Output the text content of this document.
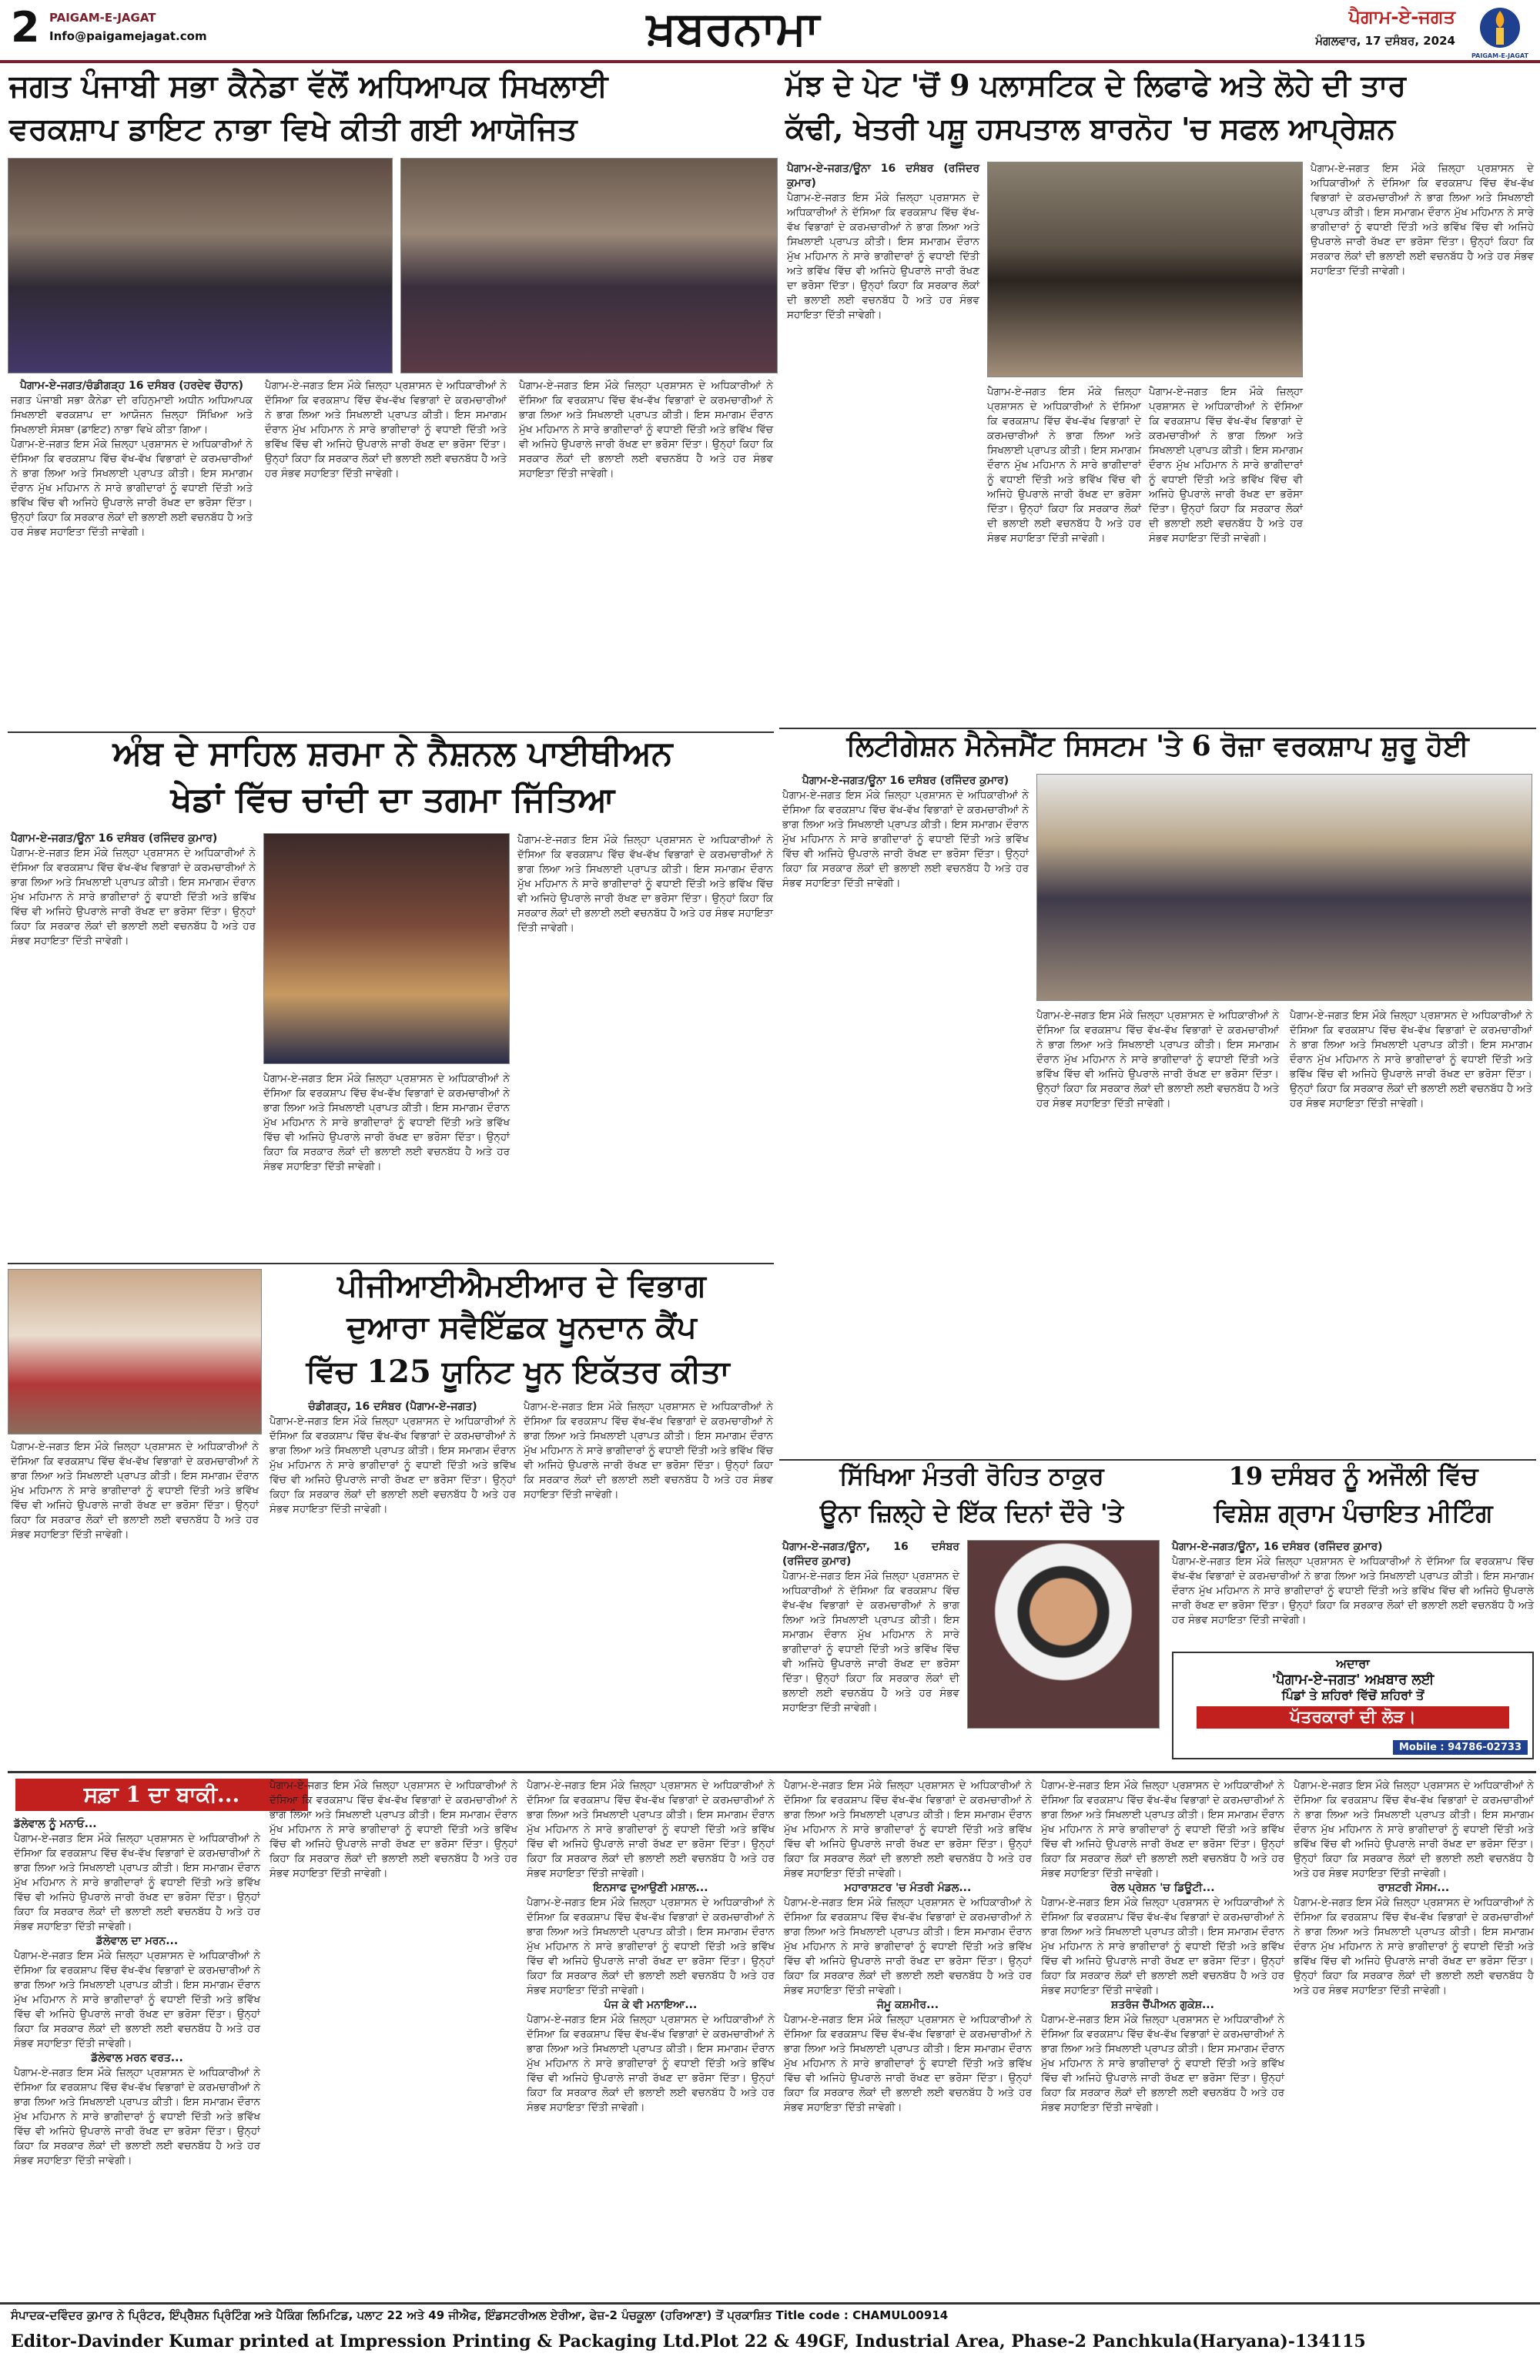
2 PAIGAM-E-JAGAT
Info@paigamejagat.com	ਖ਼ਬਰਨਾਮਾ	ਪੈਗਾਮ-ਏ-ਜਗਤ
ਮੰਗਲਵਾਰ, 17 ਦਸੰਬਰ, 2024
PAIGAM-E-JAGAT
ਜਗਤ ਪੰਜਾਬੀ ਸਭਾ ਕੈਨੇਡਾ ਵੱਲੋਂ ਅਧਿਆਪਕ ਸਿਖਲਾਈ
ਵਰਕਸ਼ਾਪ ਡਾਇਟ ਨਾਭਾ ਵਿਖੇ ਕੀਤੀ ਗਈ ਆਯੋਜਿਤ
ਪੈਗਾਮ-ਏ-ਜਗਤ/ਚੰਡੀਗੜ੍ਹ 16 ਦਸੰਬਰ (ਹਰਦੇਵ ਚੌਹਾਨ)

ਜਗਤ ਪੰਜਾਬੀ ਸਭਾ ਕੈਨੇਡਾ ਦੀ ਰਹਿਨੁਮਾਈ ਅਧੀਨ ਅਧਿਆਪਕ ਸਿਖਲਾਈ ਵਰਕਸ਼ਾਪ ਦਾ ਆਯੋਜਨ ਜ਼ਿਲ੍ਹਾ ਸਿੱਖਿਆ ਅਤੇ ਸਿਖਲਾਈ ਸੰਸਥਾ (ਡਾਇਟ) ਨਾਭਾ ਵਿਖੇ ਕੀਤਾ ਗਿਆ।

ਪੈਗਾਮ-ਏ-ਜਗਤ ਇਸ ਮੌਕੇ ਜ਼ਿਲ੍ਹਾ ਪ੍ਰਸ਼ਾਸਨ ਦੇ ਅਧਿਕਾਰੀਆਂ ਨੇ ਦੱਸਿਆ ਕਿ ਵਰਕਸ਼ਾਪ ਵਿੱਚ ਵੱਖ-ਵੱਖ ਵਿਭਾਗਾਂ ਦੇ ਕਰਮਚਾਰੀਆਂ ਨੇ ਭਾਗ ਲਿਆ ਅਤੇ ਸਿਖਲਾਈ ਪ੍ਰਾਪਤ ਕੀਤੀ। ਇਸ ਸਮਾਗਮ ਦੌਰਾਨ ਮੁੱਖ ਮਹਿਮਾਨ ਨੇ ਸਾਰੇ ਭਾਗੀਦਾਰਾਂ ਨੂੰ ਵਧਾਈ ਦਿੱਤੀ ਅਤੇ ਭਵਿੱਖ ਵਿੱਚ ਵੀ ਅਜਿਹੇ ਉਪਰਾਲੇ ਜਾਰੀ ਰੱਖਣ ਦਾ ਭਰੋਸਾ ਦਿੱਤਾ। ਉਨ੍ਹਾਂ ਕਿਹਾ ਕਿ ਸਰਕਾਰ ਲੋਕਾਂ ਦੀ ਭਲਾਈ ਲਈ ਵਚਨਬੱਧ ਹੈ ਅਤੇ ਹਰ ਸੰਭਵ ਸਹਾਇਤਾ ਦਿੱਤੀ ਜਾਵੇਗੀ।
ਪੈਗਾਮ-ਏ-ਜਗਤ ਇਸ ਮੌਕੇ ਜ਼ਿਲ੍ਹਾ ਪ੍ਰਸ਼ਾਸਨ ਦੇ ਅਧਿਕਾਰੀਆਂ ਨੇ ਦੱਸਿਆ ਕਿ ਵਰਕਸ਼ਾਪ ਵਿੱਚ ਵੱਖ-ਵੱਖ ਵਿਭਾਗਾਂ ਦੇ ਕਰਮਚਾਰੀਆਂ ਨੇ ਭਾਗ ਲਿਆ ਅਤੇ ਸਿਖਲਾਈ ਪ੍ਰਾਪਤ ਕੀਤੀ। ਇਸ ਸਮਾਗਮ ਦੌਰਾਨ ਮੁੱਖ ਮਹਿਮਾਨ ਨੇ ਸਾਰੇ ਭਾਗੀਦਾਰਾਂ ਨੂੰ ਵਧਾਈ ਦਿੱਤੀ ਅਤੇ ਭਵਿੱਖ ਵਿੱਚ ਵੀ ਅਜਿਹੇ ਉਪਰਾਲੇ ਜਾਰੀ ਰੱਖਣ ਦਾ ਭਰੋਸਾ ਦਿੱਤਾ। ਉਨ੍ਹਾਂ ਕਿਹਾ ਕਿ ਸਰਕਾਰ ਲੋਕਾਂ ਦੀ ਭਲਾਈ ਲਈ ਵਚਨਬੱਧ ਹੈ ਅਤੇ ਹਰ ਸੰਭਵ ਸਹਾਇਤਾ ਦਿੱਤੀ ਜਾਵੇਗੀ।
ਪੈਗਾਮ-ਏ-ਜਗਤ ਇਸ ਮੌਕੇ ਜ਼ਿਲ੍ਹਾ ਪ੍ਰਸ਼ਾਸਨ ਦੇ ਅਧਿਕਾਰੀਆਂ ਨੇ ਦੱਸਿਆ ਕਿ ਵਰਕਸ਼ਾਪ ਵਿੱਚ ਵੱਖ-ਵੱਖ ਵਿਭਾਗਾਂ ਦੇ ਕਰਮਚਾਰੀਆਂ ਨੇ ਭਾਗ ਲਿਆ ਅਤੇ ਸਿਖਲਾਈ ਪ੍ਰਾਪਤ ਕੀਤੀ। ਇਸ ਸਮਾਗਮ ਦੌਰਾਨ ਮੁੱਖ ਮਹਿਮਾਨ ਨੇ ਸਾਰੇ ਭਾਗੀਦਾਰਾਂ ਨੂੰ ਵਧਾਈ ਦਿੱਤੀ ਅਤੇ ਭਵਿੱਖ ਵਿੱਚ ਵੀ ਅਜਿਹੇ ਉਪਰਾਲੇ ਜਾਰੀ ਰੱਖਣ ਦਾ ਭਰੋਸਾ ਦਿੱਤਾ। ਉਨ੍ਹਾਂ ਕਿਹਾ ਕਿ ਸਰਕਾਰ ਲੋਕਾਂ ਦੀ ਭਲਾਈ ਲਈ ਵਚਨਬੱਧ ਹੈ ਅਤੇ ਹਰ ਸੰਭਵ ਸਹਾਇਤਾ ਦਿੱਤੀ ਜਾਵੇਗੀ।
ਅੰਬ ਦੇ ਸਾਹਿਲ ਸ਼ਰਮਾ ਨੇ ਨੈਸ਼ਨਲ ਪਾਈਥੀਅਨ
ਖੇਡਾਂ ਵਿੱਚ ਚਾਂਦੀ ਦਾ ਤਗਮਾ ਜਿੱਤਿਆ
ਪੈਗਾਮ-ਏ-ਜਗਤ/ਊਨਾ 16 ਦਸੰਬਰ (ਰਜਿੰਦਰ ਕੁਮਾਰ)
ਪੈਗਾਮ-ਏ-ਜਗਤ ਇਸ ਮੌਕੇ ਜ਼ਿਲ੍ਹਾ ਪ੍ਰਸ਼ਾਸਨ ਦੇ ਅਧਿਕਾਰੀਆਂ ਨੇ ਦੱਸਿਆ ਕਿ ਵਰਕਸ਼ਾਪ ਵਿੱਚ ਵੱਖ-ਵੱਖ ਵਿਭਾਗਾਂ ਦੇ ਕਰਮਚਾਰੀਆਂ ਨੇ ਭਾਗ ਲਿਆ ਅਤੇ ਸਿਖਲਾਈ ਪ੍ਰਾਪਤ ਕੀਤੀ। ਇਸ ਸਮਾਗਮ ਦੌਰਾਨ ਮੁੱਖ ਮਹਿਮਾਨ ਨੇ ਸਾਰੇ ਭਾਗੀਦਾਰਾਂ ਨੂੰ ਵਧਾਈ ਦਿੱਤੀ ਅਤੇ ਭਵਿੱਖ ਵਿੱਚ ਵੀ ਅਜਿਹੇ ਉਪਰਾਲੇ ਜਾਰੀ ਰੱਖਣ ਦਾ ਭਰੋਸਾ ਦਿੱਤਾ। ਉਨ੍ਹਾਂ ਕਿਹਾ ਕਿ ਸਰਕਾਰ ਲੋਕਾਂ ਦੀ ਭਲਾਈ ਲਈ ਵਚਨਬੱਧ ਹੈ ਅਤੇ ਹਰ ਸੰਭਵ ਸਹਾਇਤਾ ਦਿੱਤੀ ਜਾਵੇਗੀ।
ਪੈਗਾਮ-ਏ-ਜਗਤ ਇਸ ਮੌਕੇ ਜ਼ਿਲ੍ਹਾ ਪ੍ਰਸ਼ਾਸਨ ਦੇ ਅਧਿਕਾਰੀਆਂ ਨੇ ਦੱਸਿਆ ਕਿ ਵਰਕਸ਼ਾਪ ਵਿੱਚ ਵੱਖ-ਵੱਖ ਵਿਭਾਗਾਂ ਦੇ ਕਰਮਚਾਰੀਆਂ ਨੇ ਭਾਗ ਲਿਆ ਅਤੇ ਸਿਖਲਾਈ ਪ੍ਰਾਪਤ ਕੀਤੀ। ਇਸ ਸਮਾਗਮ ਦੌਰਾਨ ਮੁੱਖ ਮਹਿਮਾਨ ਨੇ ਸਾਰੇ ਭਾਗੀਦਾਰਾਂ ਨੂੰ ਵਧਾਈ ਦਿੱਤੀ ਅਤੇ ਭਵਿੱਖ ਵਿੱਚ ਵੀ ਅਜਿਹੇ ਉਪਰਾਲੇ ਜਾਰੀ ਰੱਖਣ ਦਾ ਭਰੋਸਾ ਦਿੱਤਾ। ਉਨ੍ਹਾਂ ਕਿਹਾ ਕਿ ਸਰਕਾਰ ਲੋਕਾਂ ਦੀ ਭਲਾਈ ਲਈ ਵਚਨਬੱਧ ਹੈ ਅਤੇ ਹਰ ਸੰਭਵ ਸਹਾਇਤਾ ਦਿੱਤੀ ਜਾਵੇਗੀ।
ਪੈਗਾਮ-ਏ-ਜਗਤ ਇਸ ਮੌਕੇ ਜ਼ਿਲ੍ਹਾ ਪ੍ਰਸ਼ਾਸਨ ਦੇ ਅਧਿਕਾਰੀਆਂ ਨੇ ਦੱਸਿਆ ਕਿ ਵਰਕਸ਼ਾਪ ਵਿੱਚ ਵੱਖ-ਵੱਖ ਵਿਭਾਗਾਂ ਦੇ ਕਰਮਚਾਰੀਆਂ ਨੇ ਭਾਗ ਲਿਆ ਅਤੇ ਸਿਖਲਾਈ ਪ੍ਰਾਪਤ ਕੀਤੀ। ਇਸ ਸਮਾਗਮ ਦੌਰਾਨ ਮੁੱਖ ਮਹਿਮਾਨ ਨੇ ਸਾਰੇ ਭਾਗੀਦਾਰਾਂ ਨੂੰ ਵਧਾਈ ਦਿੱਤੀ ਅਤੇ ਭਵਿੱਖ ਵਿੱਚ ਵੀ ਅਜਿਹੇ ਉਪਰਾਲੇ ਜਾਰੀ ਰੱਖਣ ਦਾ ਭਰੋਸਾ ਦਿੱਤਾ। ਉਨ੍ਹਾਂ ਕਿਹਾ ਕਿ ਸਰਕਾਰ ਲੋਕਾਂ ਦੀ ਭਲਾਈ ਲਈ ਵਚਨਬੱਧ ਹੈ ਅਤੇ ਹਰ ਸੰਭਵ ਸਹਾਇਤਾ ਦਿੱਤੀ ਜਾਵੇਗੀ।
ਪੀਜੀਆਈਐਮਈਆਰ ਦੇ ਵਿਭਾਗ
ਦੁਆਰਾ ਸਵੈਇੱਛਕ ਖੂਨਦਾਨ ਕੈਂਪ
ਵਿੱਚ 125 ਯੂਨਿਟ ਖੂਨ ਇਕੱਤਰ ਕੀਤਾ
ਚੰਡੀਗੜ੍ਹ, 16 ਦਸੰਬਰ (ਪੈਗਾਮ-ਏ-ਜਗਤ)
ਪੈਗਾਮ-ਏ-ਜਗਤ ਇਸ ਮੌਕੇ ਜ਼ਿਲ੍ਹਾ ਪ੍ਰਸ਼ਾਸਨ ਦੇ ਅਧਿਕਾਰੀਆਂ ਨੇ ਦੱਸਿਆ ਕਿ ਵਰਕਸ਼ਾਪ ਵਿੱਚ ਵੱਖ-ਵੱਖ ਵਿਭਾਗਾਂ ਦੇ ਕਰਮਚਾਰੀਆਂ ਨੇ ਭਾਗ ਲਿਆ ਅਤੇ ਸਿਖਲਾਈ ਪ੍ਰਾਪਤ ਕੀਤੀ। ਇਸ ਸਮਾਗਮ ਦੌਰਾਨ ਮੁੱਖ ਮਹਿਮਾਨ ਨੇ ਸਾਰੇ ਭਾਗੀਦਾਰਾਂ ਨੂੰ ਵਧਾਈ ਦਿੱਤੀ ਅਤੇ ਭਵਿੱਖ ਵਿੱਚ ਵੀ ਅਜਿਹੇ ਉਪਰਾਲੇ ਜਾਰੀ ਰੱਖਣ ਦਾ ਭਰੋਸਾ ਦਿੱਤਾ। ਉਨ੍ਹਾਂ ਕਿਹਾ ਕਿ ਸਰਕਾਰ ਲੋਕਾਂ ਦੀ ਭਲਾਈ ਲਈ ਵਚਨਬੱਧ ਹੈ ਅਤੇ ਹਰ ਸੰਭਵ ਸਹਾਇਤਾ ਦਿੱਤੀ ਜਾਵੇਗੀ।
ਪੈਗਾਮ-ਏ-ਜਗਤ ਇਸ ਮੌਕੇ ਜ਼ਿਲ੍ਹਾ ਪ੍ਰਸ਼ਾਸਨ ਦੇ ਅਧਿਕਾਰੀਆਂ ਨੇ ਦੱਸਿਆ ਕਿ ਵਰਕਸ਼ਾਪ ਵਿੱਚ ਵੱਖ-ਵੱਖ ਵਿਭਾਗਾਂ ਦੇ ਕਰਮਚਾਰੀਆਂ ਨੇ ਭਾਗ ਲਿਆ ਅਤੇ ਸਿਖਲਾਈ ਪ੍ਰਾਪਤ ਕੀਤੀ। ਇਸ ਸਮਾਗਮ ਦੌਰਾਨ ਮੁੱਖ ਮਹਿਮਾਨ ਨੇ ਸਾਰੇ ਭਾਗੀਦਾਰਾਂ ਨੂੰ ਵਧਾਈ ਦਿੱਤੀ ਅਤੇ ਭਵਿੱਖ ਵਿੱਚ ਵੀ ਅਜਿਹੇ ਉਪਰਾਲੇ ਜਾਰੀ ਰੱਖਣ ਦਾ ਭਰੋਸਾ ਦਿੱਤਾ। ਉਨ੍ਹਾਂ ਕਿਹਾ ਕਿ ਸਰਕਾਰ ਲੋਕਾਂ ਦੀ ਭਲਾਈ ਲਈ ਵਚਨਬੱਧ ਹੈ ਅਤੇ ਹਰ ਸੰਭਵ ਸਹਾਇਤਾ ਦਿੱਤੀ ਜਾਵੇਗੀ।
ਪੈਗਾਮ-ਏ-ਜਗਤ ਇਸ ਮੌਕੇ ਜ਼ਿਲ੍ਹਾ ਪ੍ਰਸ਼ਾਸਨ ਦੇ ਅਧਿਕਾਰੀਆਂ ਨੇ ਦੱਸਿਆ ਕਿ ਵਰਕਸ਼ਾਪ ਵਿੱਚ ਵੱਖ-ਵੱਖ ਵਿਭਾਗਾਂ ਦੇ ਕਰਮਚਾਰੀਆਂ ਨੇ ਭਾਗ ਲਿਆ ਅਤੇ ਸਿਖਲਾਈ ਪ੍ਰਾਪਤ ਕੀਤੀ। ਇਸ ਸਮਾਗਮ ਦੌਰਾਨ ਮੁੱਖ ਮਹਿਮਾਨ ਨੇ ਸਾਰੇ ਭਾਗੀਦਾਰਾਂ ਨੂੰ ਵਧਾਈ ਦਿੱਤੀ ਅਤੇ ਭਵਿੱਖ ਵਿੱਚ ਵੀ ਅਜਿਹੇ ਉਪਰਾਲੇ ਜਾਰੀ ਰੱਖਣ ਦਾ ਭਰੋਸਾ ਦਿੱਤਾ। ਉਨ੍ਹਾਂ ਕਿਹਾ ਕਿ ਸਰਕਾਰ ਲੋਕਾਂ ਦੀ ਭਲਾਈ ਲਈ ਵਚਨਬੱਧ ਹੈ ਅਤੇ ਹਰ ਸੰਭਵ ਸਹਾਇਤਾ ਦਿੱਤੀ ਜਾਵੇਗੀ।
ਮੱਝ ਦੇ ਪੇਟ 'ਚੋਂ 9 ਪਲਾਸਟਿਕ ਦੇ ਲਿਫਾਫੇ ਅਤੇ ਲੋਹੇ ਦੀ ਤਾਰ
ਕੱਢੀ, ਖੇਤਰੀ ਪਸ਼ੂ ਹਸਪਤਾਲ ਬਾਰਨੋਹ 'ਚ ਸਫਲ ਆਪ੍ਰੇਸ਼ਨ
ਪੈਗਾਮ-ਏ-ਜਗਤ/ਊਨਾ 16 ਦਸੰਬਰ (ਰਜਿੰਦਰ ਕੁਮਾਰ)
ਪੈਗਾਮ-ਏ-ਜਗਤ ਇਸ ਮੌਕੇ ਜ਼ਿਲ੍ਹਾ ਪ੍ਰਸ਼ਾਸਨ ਦੇ ਅਧਿਕਾਰੀਆਂ ਨੇ ਦੱਸਿਆ ਕਿ ਵਰਕਸ਼ਾਪ ਵਿੱਚ ਵੱਖ-ਵੱਖ ਵਿਭਾਗਾਂ ਦੇ ਕਰਮਚਾਰੀਆਂ ਨੇ ਭਾਗ ਲਿਆ ਅਤੇ ਸਿਖਲਾਈ ਪ੍ਰਾਪਤ ਕੀਤੀ। ਇਸ ਸਮਾਗਮ ਦੌਰਾਨ ਮੁੱਖ ਮਹਿਮਾਨ ਨੇ ਸਾਰੇ ਭਾਗੀਦਾਰਾਂ ਨੂੰ ਵਧਾਈ ਦਿੱਤੀ ਅਤੇ ਭਵਿੱਖ ਵਿੱਚ ਵੀ ਅਜਿਹੇ ਉਪਰਾਲੇ ਜਾਰੀ ਰੱਖਣ ਦਾ ਭਰੋਸਾ ਦਿੱਤਾ। ਉਨ੍ਹਾਂ ਕਿਹਾ ਕਿ ਸਰਕਾਰ ਲੋਕਾਂ ਦੀ ਭਲਾਈ ਲਈ ਵਚਨਬੱਧ ਹੈ ਅਤੇ ਹਰ ਸੰਭਵ ਸਹਾਇਤਾ ਦਿੱਤੀ ਜਾਵੇਗੀ।
ਪੈਗਾਮ-ਏ-ਜਗਤ ਇਸ ਮੌਕੇ ਜ਼ਿਲ੍ਹਾ ਪ੍ਰਸ਼ਾਸਨ ਦੇ ਅਧਿਕਾਰੀਆਂ ਨੇ ਦੱਸਿਆ ਕਿ ਵਰਕਸ਼ਾਪ ਵਿੱਚ ਵੱਖ-ਵੱਖ ਵਿਭਾਗਾਂ ਦੇ ਕਰਮਚਾਰੀਆਂ ਨੇ ਭਾਗ ਲਿਆ ਅਤੇ ਸਿਖਲਾਈ ਪ੍ਰਾਪਤ ਕੀਤੀ। ਇਸ ਸਮਾਗਮ ਦੌਰਾਨ ਮੁੱਖ ਮਹਿਮਾਨ ਨੇ ਸਾਰੇ ਭਾਗੀਦਾਰਾਂ ਨੂੰ ਵਧਾਈ ਦਿੱਤੀ ਅਤੇ ਭਵਿੱਖ ਵਿੱਚ ਵੀ ਅਜਿਹੇ ਉਪਰਾਲੇ ਜਾਰੀ ਰੱਖਣ ਦਾ ਭਰੋਸਾ ਦਿੱਤਾ। ਉਨ੍ਹਾਂ ਕਿਹਾ ਕਿ ਸਰਕਾਰ ਲੋਕਾਂ ਦੀ ਭਲਾਈ ਲਈ ਵਚਨਬੱਧ ਹੈ ਅਤੇ ਹਰ ਸੰਭਵ ਸਹਾਇਤਾ ਦਿੱਤੀ ਜਾਵੇਗੀ।
ਪੈਗਾਮ-ਏ-ਜਗਤ ਇਸ ਮੌਕੇ ਜ਼ਿਲ੍ਹਾ ਪ੍ਰਸ਼ਾਸਨ ਦੇ ਅਧਿਕਾਰੀਆਂ ਨੇ ਦੱਸਿਆ ਕਿ ਵਰਕਸ਼ਾਪ ਵਿੱਚ ਵੱਖ-ਵੱਖ ਵਿਭਾਗਾਂ ਦੇ ਕਰਮਚਾਰੀਆਂ ਨੇ ਭਾਗ ਲਿਆ ਅਤੇ ਸਿਖਲਾਈ ਪ੍ਰਾਪਤ ਕੀਤੀ। ਇਸ ਸਮਾਗਮ ਦੌਰਾਨ ਮੁੱਖ ਮਹਿਮਾਨ ਨੇ ਸਾਰੇ ਭਾਗੀਦਾਰਾਂ ਨੂੰ ਵਧਾਈ ਦਿੱਤੀ ਅਤੇ ਭਵਿੱਖ ਵਿੱਚ ਵੀ ਅਜਿਹੇ ਉਪਰਾਲੇ ਜਾਰੀ ਰੱਖਣ ਦਾ ਭਰੋਸਾ ਦਿੱਤਾ। ਉਨ੍ਹਾਂ ਕਿਹਾ ਕਿ ਸਰਕਾਰ ਲੋਕਾਂ ਦੀ ਭਲਾਈ ਲਈ ਵਚਨਬੱਧ ਹੈ ਅਤੇ ਹਰ ਸੰਭਵ ਸਹਾਇਤਾ ਦਿੱਤੀ ਜਾਵੇਗੀ।
ਪੈਗਾਮ-ਏ-ਜਗਤ ਇਸ ਮੌਕੇ ਜ਼ਿਲ੍ਹਾ ਪ੍ਰਸ਼ਾਸਨ ਦੇ ਅਧਿਕਾਰੀਆਂ ਨੇ ਦੱਸਿਆ ਕਿ ਵਰਕਸ਼ਾਪ ਵਿੱਚ ਵੱਖ-ਵੱਖ ਵਿਭਾਗਾਂ ਦੇ ਕਰਮਚਾਰੀਆਂ ਨੇ ਭਾਗ ਲਿਆ ਅਤੇ ਸਿਖਲਾਈ ਪ੍ਰਾਪਤ ਕੀਤੀ। ਇਸ ਸਮਾਗਮ ਦੌਰਾਨ ਮੁੱਖ ਮਹਿਮਾਨ ਨੇ ਸਾਰੇ ਭਾਗੀਦਾਰਾਂ ਨੂੰ ਵਧਾਈ ਦਿੱਤੀ ਅਤੇ ਭਵਿੱਖ ਵਿੱਚ ਵੀ ਅਜਿਹੇ ਉਪਰਾਲੇ ਜਾਰੀ ਰੱਖਣ ਦਾ ਭਰੋਸਾ ਦਿੱਤਾ। ਉਨ੍ਹਾਂ ਕਿਹਾ ਕਿ ਸਰਕਾਰ ਲੋਕਾਂ ਦੀ ਭਲਾਈ ਲਈ ਵਚਨਬੱਧ ਹੈ ਅਤੇ ਹਰ ਸੰਭਵ ਸਹਾਇਤਾ ਦਿੱਤੀ ਜਾਵੇਗੀ।
ਲਿਟੀਗੇਸ਼ਨ ਮੈਨੇਜਮੈਂਟ ਸਿਸਟਮ 'ਤੇ 6 ਰੋਜ਼ਾ ਵਰਕਸ਼ਾਪ ਸ਼ੁਰੂ ਹੋਈ
ਪੈਗਾਮ-ਏ-ਜਗਤ/ਊਨਾ 16 ਦਸੰਬਰ (ਰਜਿੰਦਰ ਕੁਮਾਰ)
ਪੈਗਾਮ-ਏ-ਜਗਤ ਇਸ ਮੌਕੇ ਜ਼ਿਲ੍ਹਾ ਪ੍ਰਸ਼ਾਸਨ ਦੇ ਅਧਿਕਾਰੀਆਂ ਨੇ ਦੱਸਿਆ ਕਿ ਵਰਕਸ਼ਾਪ ਵਿੱਚ ਵੱਖ-ਵੱਖ ਵਿਭਾਗਾਂ ਦੇ ਕਰਮਚਾਰੀਆਂ ਨੇ ਭਾਗ ਲਿਆ ਅਤੇ ਸਿਖਲਾਈ ਪ੍ਰਾਪਤ ਕੀਤੀ। ਇਸ ਸਮਾਗਮ ਦੌਰਾਨ ਮੁੱਖ ਮਹਿਮਾਨ ਨੇ ਸਾਰੇ ਭਾਗੀਦਾਰਾਂ ਨੂੰ ਵਧਾਈ ਦਿੱਤੀ ਅਤੇ ਭਵਿੱਖ ਵਿੱਚ ਵੀ ਅਜਿਹੇ ਉਪਰਾਲੇ ਜਾਰੀ ਰੱਖਣ ਦਾ ਭਰੋਸਾ ਦਿੱਤਾ। ਉਨ੍ਹਾਂ ਕਿਹਾ ਕਿ ਸਰਕਾਰ ਲੋਕਾਂ ਦੀ ਭਲਾਈ ਲਈ ਵਚਨਬੱਧ ਹੈ ਅਤੇ ਹਰ ਸੰਭਵ ਸਹਾਇਤਾ ਦਿੱਤੀ ਜਾਵੇਗੀ।
ਪੈਗਾਮ-ਏ-ਜਗਤ ਇਸ ਮੌਕੇ ਜ਼ਿਲ੍ਹਾ ਪ੍ਰਸ਼ਾਸਨ ਦੇ ਅਧਿਕਾਰੀਆਂ ਨੇ ਦੱਸਿਆ ਕਿ ਵਰਕਸ਼ਾਪ ਵਿੱਚ ਵੱਖ-ਵੱਖ ਵਿਭਾਗਾਂ ਦੇ ਕਰਮਚਾਰੀਆਂ ਨੇ ਭਾਗ ਲਿਆ ਅਤੇ ਸਿਖਲਾਈ ਪ੍ਰਾਪਤ ਕੀਤੀ। ਇਸ ਸਮਾਗਮ ਦੌਰਾਨ ਮੁੱਖ ਮਹਿਮਾਨ ਨੇ ਸਾਰੇ ਭਾਗੀਦਾਰਾਂ ਨੂੰ ਵਧਾਈ ਦਿੱਤੀ ਅਤੇ ਭਵਿੱਖ ਵਿੱਚ ਵੀ ਅਜਿਹੇ ਉਪਰਾਲੇ ਜਾਰੀ ਰੱਖਣ ਦਾ ਭਰੋਸਾ ਦਿੱਤਾ। ਉਨ੍ਹਾਂ ਕਿਹਾ ਕਿ ਸਰਕਾਰ ਲੋਕਾਂ ਦੀ ਭਲਾਈ ਲਈ ਵਚਨਬੱਧ ਹੈ ਅਤੇ ਹਰ ਸੰਭਵ ਸਹਾਇਤਾ ਦਿੱਤੀ ਜਾਵੇਗੀ।
ਪੈਗਾਮ-ਏ-ਜਗਤ ਇਸ ਮੌਕੇ ਜ਼ਿਲ੍ਹਾ ਪ੍ਰਸ਼ਾਸਨ ਦੇ ਅਧਿਕਾਰੀਆਂ ਨੇ ਦੱਸਿਆ ਕਿ ਵਰਕਸ਼ਾਪ ਵਿੱਚ ਵੱਖ-ਵੱਖ ਵਿਭਾਗਾਂ ਦੇ ਕਰਮਚਾਰੀਆਂ ਨੇ ਭਾਗ ਲਿਆ ਅਤੇ ਸਿਖਲਾਈ ਪ੍ਰਾਪਤ ਕੀਤੀ। ਇਸ ਸਮਾਗਮ ਦੌਰਾਨ ਮੁੱਖ ਮਹਿਮਾਨ ਨੇ ਸਾਰੇ ਭਾਗੀਦਾਰਾਂ ਨੂੰ ਵਧਾਈ ਦਿੱਤੀ ਅਤੇ ਭਵਿੱਖ ਵਿੱਚ ਵੀ ਅਜਿਹੇ ਉਪਰਾਲੇ ਜਾਰੀ ਰੱਖਣ ਦਾ ਭਰੋਸਾ ਦਿੱਤਾ। ਉਨ੍ਹਾਂ ਕਿਹਾ ਕਿ ਸਰਕਾਰ ਲੋਕਾਂ ਦੀ ਭਲਾਈ ਲਈ ਵਚਨਬੱਧ ਹੈ ਅਤੇ ਹਰ ਸੰਭਵ ਸਹਾਇਤਾ ਦਿੱਤੀ ਜਾਵੇਗੀ।
ਸਿੱਖਿਆ ਮੰਤਰੀ ਰੋਹਿਤ ਠਾਕੁਰ
ਊਨਾ ਜ਼ਿਲ੍ਹੇ ਦੇ ਇੱਕ ਦਿਨਾਂ ਦੌਰੇ 'ਤੇ
ਪੈਗਾਮ-ਏ-ਜਗਤ/ਊਨਾ, 16 ਦਸੰਬਰ (ਰਜਿੰਦਰ ਕੁਮਾਰ)
ਪੈਗਾਮ-ਏ-ਜਗਤ ਇਸ ਮੌਕੇ ਜ਼ਿਲ੍ਹਾ ਪ੍ਰਸ਼ਾਸਨ ਦੇ ਅਧਿਕਾਰੀਆਂ ਨੇ ਦੱਸਿਆ ਕਿ ਵਰਕਸ਼ਾਪ ਵਿੱਚ ਵੱਖ-ਵੱਖ ਵਿਭਾਗਾਂ ਦੇ ਕਰਮਚਾਰੀਆਂ ਨੇ ਭਾਗ ਲਿਆ ਅਤੇ ਸਿਖਲਾਈ ਪ੍ਰਾਪਤ ਕੀਤੀ। ਇਸ ਸਮਾਗਮ ਦੌਰਾਨ ਮੁੱਖ ਮਹਿਮਾਨ ਨੇ ਸਾਰੇ ਭਾਗੀਦਾਰਾਂ ਨੂੰ ਵਧਾਈ ਦਿੱਤੀ ਅਤੇ ਭਵਿੱਖ ਵਿੱਚ ਵੀ ਅਜਿਹੇ ਉਪਰਾਲੇ ਜਾਰੀ ਰੱਖਣ ਦਾ ਭਰੋਸਾ ਦਿੱਤਾ। ਉਨ੍ਹਾਂ ਕਿਹਾ ਕਿ ਸਰਕਾਰ ਲੋਕਾਂ ਦੀ ਭਲਾਈ ਲਈ ਵਚਨਬੱਧ ਹੈ ਅਤੇ ਹਰ ਸੰਭਵ ਸਹਾਇਤਾ ਦਿੱਤੀ ਜਾਵੇਗੀ।
19 ਦਸੰਬਰ ਨੂੰ ਅਜੌਲੀ ਵਿੱਚ
ਵਿਸ਼ੇਸ਼ ਗ੍ਰਾਮ ਪੰਚਾਇਤ ਮੀਟਿੰਗ
ਪੈਗਾਮ-ਏ-ਜਗਤ/ਊਨਾ, 16 ਦਸੰਬਰ (ਰਜਿੰਦਰ ਕੁਮਾਰ)
ਪੈਗਾਮ-ਏ-ਜਗਤ ਇਸ ਮੌਕੇ ਜ਼ਿਲ੍ਹਾ ਪ੍ਰਸ਼ਾਸਨ ਦੇ ਅਧਿਕਾਰੀਆਂ ਨੇ ਦੱਸਿਆ ਕਿ ਵਰਕਸ਼ਾਪ ਵਿੱਚ ਵੱਖ-ਵੱਖ ਵਿਭਾਗਾਂ ਦੇ ਕਰਮਚਾਰੀਆਂ ਨੇ ਭਾਗ ਲਿਆ ਅਤੇ ਸਿਖਲਾਈ ਪ੍ਰਾਪਤ ਕੀਤੀ। ਇਸ ਸਮਾਗਮ ਦੌਰਾਨ ਮੁੱਖ ਮਹਿਮਾਨ ਨੇ ਸਾਰੇ ਭਾਗੀਦਾਰਾਂ ਨੂੰ ਵਧਾਈ ਦਿੱਤੀ ਅਤੇ ਭਵਿੱਖ ਵਿੱਚ ਵੀ ਅਜਿਹੇ ਉਪਰਾਲੇ ਜਾਰੀ ਰੱਖਣ ਦਾ ਭਰੋਸਾ ਦਿੱਤਾ। ਉਨ੍ਹਾਂ ਕਿਹਾ ਕਿ ਸਰਕਾਰ ਲੋਕਾਂ ਦੀ ਭਲਾਈ ਲਈ ਵਚਨਬੱਧ ਹੈ ਅਤੇ ਹਰ ਸੰਭਵ ਸਹਾਇਤਾ ਦਿੱਤੀ ਜਾਵੇਗੀ।
ਅਦਾਰਾ
'ਪੈਗਾਮ-ਏ-ਜਗਤ' ਅਖ਼ਬਾਰ ਲਈ
ਪਿੰਡਾਂ ਤੇ ਸ਼ਹਿਰਾਂ ਵਿੱਚੋਂ ਸ਼ਹਿਰਾਂ ਤੋਂ
ਪੱਤਰਕਾਰਾਂ ਦੀ ਲੋੜ।
Mobile : 94786-02733
ਸਫ਼ਾ 1 ਦਾ ਬਾਕੀ...
ਡੱਲੇਵਾਲ ਨੂੰ ਮਨਾਓ...
ਪੈਗਾਮ-ਏ-ਜਗਤ ਇਸ ਮੌਕੇ ਜ਼ਿਲ੍ਹਾ ਪ੍ਰਸ਼ਾਸਨ ਦੇ ਅਧਿਕਾਰੀਆਂ ਨੇ ਦੱਸਿਆ ਕਿ ਵਰਕਸ਼ਾਪ ਵਿੱਚ ਵੱਖ-ਵੱਖ ਵਿਭਾਗਾਂ ਦੇ ਕਰਮਚਾਰੀਆਂ ਨੇ ਭਾਗ ਲਿਆ ਅਤੇ ਸਿਖਲਾਈ ਪ੍ਰਾਪਤ ਕੀਤੀ। ਇਸ ਸਮਾਗਮ ਦੌਰਾਨ ਮੁੱਖ ਮਹਿਮਾਨ ਨੇ ਸਾਰੇ ਭਾਗੀਦਾਰਾਂ ਨੂੰ ਵਧਾਈ ਦਿੱਤੀ ਅਤੇ ਭਵਿੱਖ ਵਿੱਚ ਵੀ ਅਜਿਹੇ ਉਪਰਾਲੇ ਜਾਰੀ ਰੱਖਣ ਦਾ ਭਰੋਸਾ ਦਿੱਤਾ। ਉਨ੍ਹਾਂ ਕਿਹਾ ਕਿ ਸਰਕਾਰ ਲੋਕਾਂ ਦੀ ਭਲਾਈ ਲਈ ਵਚਨਬੱਧ ਹੈ ਅਤੇ ਹਰ ਸੰਭਵ ਸਹਾਇਤਾ ਦਿੱਤੀ ਜਾਵੇਗੀ।
ਡੱਲੇਵਾਲ ਦਾ ਮਰਨ...
ਪੈਗਾਮ-ਏ-ਜਗਤ ਇਸ ਮੌਕੇ ਜ਼ਿਲ੍ਹਾ ਪ੍ਰਸ਼ਾਸਨ ਦੇ ਅਧਿਕਾਰੀਆਂ ਨੇ ਦੱਸਿਆ ਕਿ ਵਰਕਸ਼ਾਪ ਵਿੱਚ ਵੱਖ-ਵੱਖ ਵਿਭਾਗਾਂ ਦੇ ਕਰਮਚਾਰੀਆਂ ਨੇ ਭਾਗ ਲਿਆ ਅਤੇ ਸਿਖਲਾਈ ਪ੍ਰਾਪਤ ਕੀਤੀ। ਇਸ ਸਮਾਗਮ ਦੌਰਾਨ ਮੁੱਖ ਮਹਿਮਾਨ ਨੇ ਸਾਰੇ ਭਾਗੀਦਾਰਾਂ ਨੂੰ ਵਧਾਈ ਦਿੱਤੀ ਅਤੇ ਭਵਿੱਖ ਵਿੱਚ ਵੀ ਅਜਿਹੇ ਉਪਰਾਲੇ ਜਾਰੀ ਰੱਖਣ ਦਾ ਭਰੋਸਾ ਦਿੱਤਾ। ਉਨ੍ਹਾਂ ਕਿਹਾ ਕਿ ਸਰਕਾਰ ਲੋਕਾਂ ਦੀ ਭਲਾਈ ਲਈ ਵਚਨਬੱਧ ਹੈ ਅਤੇ ਹਰ ਸੰਭਵ ਸਹਾਇਤਾ ਦਿੱਤੀ ਜਾਵੇਗੀ।
ਡੱਲੇਵਾਲ ਮਰਨ ਵਰਤ...
ਪੈਗਾਮ-ਏ-ਜਗਤ ਇਸ ਮੌਕੇ ਜ਼ਿਲ੍ਹਾ ਪ੍ਰਸ਼ਾਸਨ ਦੇ ਅਧਿਕਾਰੀਆਂ ਨੇ ਦੱਸਿਆ ਕਿ ਵਰਕਸ਼ਾਪ ਵਿੱਚ ਵੱਖ-ਵੱਖ ਵਿਭਾਗਾਂ ਦੇ ਕਰਮਚਾਰੀਆਂ ਨੇ ਭਾਗ ਲਿਆ ਅਤੇ ਸਿਖਲਾਈ ਪ੍ਰਾਪਤ ਕੀਤੀ। ਇਸ ਸਮਾਗਮ ਦੌਰਾਨ ਮੁੱਖ ਮਹਿਮਾਨ ਨੇ ਸਾਰੇ ਭਾਗੀਦਾਰਾਂ ਨੂੰ ਵਧਾਈ ਦਿੱਤੀ ਅਤੇ ਭਵਿੱਖ ਵਿੱਚ ਵੀ ਅਜਿਹੇ ਉਪਰਾਲੇ ਜਾਰੀ ਰੱਖਣ ਦਾ ਭਰੋਸਾ ਦਿੱਤਾ। ਉਨ੍ਹਾਂ ਕਿਹਾ ਕਿ ਸਰਕਾਰ ਲੋਕਾਂ ਦੀ ਭਲਾਈ ਲਈ ਵਚਨਬੱਧ ਹੈ ਅਤੇ ਹਰ ਸੰਭਵ ਸਹਾਇਤਾ ਦਿੱਤੀ ਜਾਵੇਗੀ।
ਪੈਗਾਮ-ਏ-ਜਗਤ ਇਸ ਮੌਕੇ ਜ਼ਿਲ੍ਹਾ ਪ੍ਰਸ਼ਾਸਨ ਦੇ ਅਧਿਕਾਰੀਆਂ ਨੇ ਦੱਸਿਆ ਕਿ ਵਰਕਸ਼ਾਪ ਵਿੱਚ ਵੱਖ-ਵੱਖ ਵਿਭਾਗਾਂ ਦੇ ਕਰਮਚਾਰੀਆਂ ਨੇ ਭਾਗ ਲਿਆ ਅਤੇ ਸਿਖਲਾਈ ਪ੍ਰਾਪਤ ਕੀਤੀ। ਇਸ ਸਮਾਗਮ ਦੌਰਾਨ ਮੁੱਖ ਮਹਿਮਾਨ ਨੇ ਸਾਰੇ ਭਾਗੀਦਾਰਾਂ ਨੂੰ ਵਧਾਈ ਦਿੱਤੀ ਅਤੇ ਭਵਿੱਖ ਵਿੱਚ ਵੀ ਅਜਿਹੇ ਉਪਰਾਲੇ ਜਾਰੀ ਰੱਖਣ ਦਾ ਭਰੋਸਾ ਦਿੱਤਾ। ਉਨ੍ਹਾਂ ਕਿਹਾ ਕਿ ਸਰਕਾਰ ਲੋਕਾਂ ਦੀ ਭਲਾਈ ਲਈ ਵਚਨਬੱਧ ਹੈ ਅਤੇ ਹਰ ਸੰਭਵ ਸਹਾਇਤਾ ਦਿੱਤੀ ਜਾਵੇਗੀ।
ਪੈਗਾਮ-ਏ-ਜਗਤ ਇਸ ਮੌਕੇ ਜ਼ਿਲ੍ਹਾ ਪ੍ਰਸ਼ਾਸਨ ਦੇ ਅਧਿਕਾਰੀਆਂ ਨੇ ਦੱਸਿਆ ਕਿ ਵਰਕਸ਼ਾਪ ਵਿੱਚ ਵੱਖ-ਵੱਖ ਵਿਭਾਗਾਂ ਦੇ ਕਰਮਚਾਰੀਆਂ ਨੇ ਭਾਗ ਲਿਆ ਅਤੇ ਸਿਖਲਾਈ ਪ੍ਰਾਪਤ ਕੀਤੀ। ਇਸ ਸਮਾਗਮ ਦੌਰਾਨ ਮੁੱਖ ਮਹਿਮਾਨ ਨੇ ਸਾਰੇ ਭਾਗੀਦਾਰਾਂ ਨੂੰ ਵਧਾਈ ਦਿੱਤੀ ਅਤੇ ਭਵਿੱਖ ਵਿੱਚ ਵੀ ਅਜਿਹੇ ਉਪਰਾਲੇ ਜਾਰੀ ਰੱਖਣ ਦਾ ਭਰੋਸਾ ਦਿੱਤਾ। ਉਨ੍ਹਾਂ ਕਿਹਾ ਕਿ ਸਰਕਾਰ ਲੋਕਾਂ ਦੀ ਭਲਾਈ ਲਈ ਵਚਨਬੱਧ ਹੈ ਅਤੇ ਹਰ ਸੰਭਵ ਸਹਾਇਤਾ ਦਿੱਤੀ ਜਾਵੇਗੀ।
ਇਨਸਾਫ ਦੁਆਉਣੀ ਮਸ਼ਾਲ...
ਪੈਗਾਮ-ਏ-ਜਗਤ ਇਸ ਮੌਕੇ ਜ਼ਿਲ੍ਹਾ ਪ੍ਰਸ਼ਾਸਨ ਦੇ ਅਧਿਕਾਰੀਆਂ ਨੇ ਦੱਸਿਆ ਕਿ ਵਰਕਸ਼ਾਪ ਵਿੱਚ ਵੱਖ-ਵੱਖ ਵਿਭਾਗਾਂ ਦੇ ਕਰਮਚਾਰੀਆਂ ਨੇ ਭਾਗ ਲਿਆ ਅਤੇ ਸਿਖਲਾਈ ਪ੍ਰਾਪਤ ਕੀਤੀ। ਇਸ ਸਮਾਗਮ ਦੌਰਾਨ ਮੁੱਖ ਮਹਿਮਾਨ ਨੇ ਸਾਰੇ ਭਾਗੀਦਾਰਾਂ ਨੂੰ ਵਧਾਈ ਦਿੱਤੀ ਅਤੇ ਭਵਿੱਖ ਵਿੱਚ ਵੀ ਅਜਿਹੇ ਉਪਰਾਲੇ ਜਾਰੀ ਰੱਖਣ ਦਾ ਭਰੋਸਾ ਦਿੱਤਾ। ਉਨ੍ਹਾਂ ਕਿਹਾ ਕਿ ਸਰਕਾਰ ਲੋਕਾਂ ਦੀ ਭਲਾਈ ਲਈ ਵਚਨਬੱਧ ਹੈ ਅਤੇ ਹਰ ਸੰਭਵ ਸਹਾਇਤਾ ਦਿੱਤੀ ਜਾਵੇਗੀ।
ਪੰਜ ਕੇ ਵੀ ਮਨਾਇਆ...
ਪੈਗਾਮ-ਏ-ਜਗਤ ਇਸ ਮੌਕੇ ਜ਼ਿਲ੍ਹਾ ਪ੍ਰਸ਼ਾਸਨ ਦੇ ਅਧਿਕਾਰੀਆਂ ਨੇ ਦੱਸਿਆ ਕਿ ਵਰਕਸ਼ਾਪ ਵਿੱਚ ਵੱਖ-ਵੱਖ ਵਿਭਾਗਾਂ ਦੇ ਕਰਮਚਾਰੀਆਂ ਨੇ ਭਾਗ ਲਿਆ ਅਤੇ ਸਿਖਲਾਈ ਪ੍ਰਾਪਤ ਕੀਤੀ। ਇਸ ਸਮਾਗਮ ਦੌਰਾਨ ਮੁੱਖ ਮਹਿਮਾਨ ਨੇ ਸਾਰੇ ਭਾਗੀਦਾਰਾਂ ਨੂੰ ਵਧਾਈ ਦਿੱਤੀ ਅਤੇ ਭਵਿੱਖ ਵਿੱਚ ਵੀ ਅਜਿਹੇ ਉਪਰਾਲੇ ਜਾਰੀ ਰੱਖਣ ਦਾ ਭਰੋਸਾ ਦਿੱਤਾ। ਉਨ੍ਹਾਂ ਕਿਹਾ ਕਿ ਸਰਕਾਰ ਲੋਕਾਂ ਦੀ ਭਲਾਈ ਲਈ ਵਚਨਬੱਧ ਹੈ ਅਤੇ ਹਰ ਸੰਭਵ ਸਹਾਇਤਾ ਦਿੱਤੀ ਜਾਵੇਗੀ।
ਪੈਗਾਮ-ਏ-ਜਗਤ ਇਸ ਮੌਕੇ ਜ਼ਿਲ੍ਹਾ ਪ੍ਰਸ਼ਾਸਨ ਦੇ ਅਧਿਕਾਰੀਆਂ ਨੇ ਦੱਸਿਆ ਕਿ ਵਰਕਸ਼ਾਪ ਵਿੱਚ ਵੱਖ-ਵੱਖ ਵਿਭਾਗਾਂ ਦੇ ਕਰਮਚਾਰੀਆਂ ਨੇ ਭਾਗ ਲਿਆ ਅਤੇ ਸਿਖਲਾਈ ਪ੍ਰਾਪਤ ਕੀਤੀ। ਇਸ ਸਮਾਗਮ ਦੌਰਾਨ ਮੁੱਖ ਮਹਿਮਾਨ ਨੇ ਸਾਰੇ ਭਾਗੀਦਾਰਾਂ ਨੂੰ ਵਧਾਈ ਦਿੱਤੀ ਅਤੇ ਭਵਿੱਖ ਵਿੱਚ ਵੀ ਅਜਿਹੇ ਉਪਰਾਲੇ ਜਾਰੀ ਰੱਖਣ ਦਾ ਭਰੋਸਾ ਦਿੱਤਾ। ਉਨ੍ਹਾਂ ਕਿਹਾ ਕਿ ਸਰਕਾਰ ਲੋਕਾਂ ਦੀ ਭਲਾਈ ਲਈ ਵਚਨਬੱਧ ਹੈ ਅਤੇ ਹਰ ਸੰਭਵ ਸਹਾਇਤਾ ਦਿੱਤੀ ਜਾਵੇਗੀ।
ਮਹਾਰਾਸ਼ਟਰ 'ਚ ਮੰਤਰੀ ਮੰਡਲ...
ਪੈਗਾਮ-ਏ-ਜਗਤ ਇਸ ਮੌਕੇ ਜ਼ਿਲ੍ਹਾ ਪ੍ਰਸ਼ਾਸਨ ਦੇ ਅਧਿਕਾਰੀਆਂ ਨੇ ਦੱਸਿਆ ਕਿ ਵਰਕਸ਼ਾਪ ਵਿੱਚ ਵੱਖ-ਵੱਖ ਵਿਭਾਗਾਂ ਦੇ ਕਰਮਚਾਰੀਆਂ ਨੇ ਭਾਗ ਲਿਆ ਅਤੇ ਸਿਖਲਾਈ ਪ੍ਰਾਪਤ ਕੀਤੀ। ਇਸ ਸਮਾਗਮ ਦੌਰਾਨ ਮੁੱਖ ਮਹਿਮਾਨ ਨੇ ਸਾਰੇ ਭਾਗੀਦਾਰਾਂ ਨੂੰ ਵਧਾਈ ਦਿੱਤੀ ਅਤੇ ਭਵਿੱਖ ਵਿੱਚ ਵੀ ਅਜਿਹੇ ਉਪਰਾਲੇ ਜਾਰੀ ਰੱਖਣ ਦਾ ਭਰੋਸਾ ਦਿੱਤਾ। ਉਨ੍ਹਾਂ ਕਿਹਾ ਕਿ ਸਰਕਾਰ ਲੋਕਾਂ ਦੀ ਭਲਾਈ ਲਈ ਵਚਨਬੱਧ ਹੈ ਅਤੇ ਹਰ ਸੰਭਵ ਸਹਾਇਤਾ ਦਿੱਤੀ ਜਾਵੇਗੀ।
ਜੰਮੂ ਕਸ਼ਮੀਰ...
ਪੈਗਾਮ-ਏ-ਜਗਤ ਇਸ ਮੌਕੇ ਜ਼ਿਲ੍ਹਾ ਪ੍ਰਸ਼ਾਸਨ ਦੇ ਅਧਿਕਾਰੀਆਂ ਨੇ ਦੱਸਿਆ ਕਿ ਵਰਕਸ਼ਾਪ ਵਿੱਚ ਵੱਖ-ਵੱਖ ਵਿਭਾਗਾਂ ਦੇ ਕਰਮਚਾਰੀਆਂ ਨੇ ਭਾਗ ਲਿਆ ਅਤੇ ਸਿਖਲਾਈ ਪ੍ਰਾਪਤ ਕੀਤੀ। ਇਸ ਸਮਾਗਮ ਦੌਰਾਨ ਮੁੱਖ ਮਹਿਮਾਨ ਨੇ ਸਾਰੇ ਭਾਗੀਦਾਰਾਂ ਨੂੰ ਵਧਾਈ ਦਿੱਤੀ ਅਤੇ ਭਵਿੱਖ ਵਿੱਚ ਵੀ ਅਜਿਹੇ ਉਪਰਾਲੇ ਜਾਰੀ ਰੱਖਣ ਦਾ ਭਰੋਸਾ ਦਿੱਤਾ। ਉਨ੍ਹਾਂ ਕਿਹਾ ਕਿ ਸਰਕਾਰ ਲੋਕਾਂ ਦੀ ਭਲਾਈ ਲਈ ਵਚਨਬੱਧ ਹੈ ਅਤੇ ਹਰ ਸੰਭਵ ਸਹਾਇਤਾ ਦਿੱਤੀ ਜਾਵੇਗੀ।
ਪੈਗਾਮ-ਏ-ਜਗਤ ਇਸ ਮੌਕੇ ਜ਼ਿਲ੍ਹਾ ਪ੍ਰਸ਼ਾਸਨ ਦੇ ਅਧਿਕਾਰੀਆਂ ਨੇ ਦੱਸਿਆ ਕਿ ਵਰਕਸ਼ਾਪ ਵਿੱਚ ਵੱਖ-ਵੱਖ ਵਿਭਾਗਾਂ ਦੇ ਕਰਮਚਾਰੀਆਂ ਨੇ ਭਾਗ ਲਿਆ ਅਤੇ ਸਿਖਲਾਈ ਪ੍ਰਾਪਤ ਕੀਤੀ। ਇਸ ਸਮਾਗਮ ਦੌਰਾਨ ਮੁੱਖ ਮਹਿਮਾਨ ਨੇ ਸਾਰੇ ਭਾਗੀਦਾਰਾਂ ਨੂੰ ਵਧਾਈ ਦਿੱਤੀ ਅਤੇ ਭਵਿੱਖ ਵਿੱਚ ਵੀ ਅਜਿਹੇ ਉਪਰਾਲੇ ਜਾਰੀ ਰੱਖਣ ਦਾ ਭਰੋਸਾ ਦਿੱਤਾ। ਉਨ੍ਹਾਂ ਕਿਹਾ ਕਿ ਸਰਕਾਰ ਲੋਕਾਂ ਦੀ ਭਲਾਈ ਲਈ ਵਚਨਬੱਧ ਹੈ ਅਤੇ ਹਰ ਸੰਭਵ ਸਹਾਇਤਾ ਦਿੱਤੀ ਜਾਵੇਗੀ।
ਰੇਲ ਪ੍ਰੇਸ਼ਨ 'ਚ ਡਿਊਟੀ...
ਪੈਗਾਮ-ਏ-ਜਗਤ ਇਸ ਮੌਕੇ ਜ਼ਿਲ੍ਹਾ ਪ੍ਰਸ਼ਾਸਨ ਦੇ ਅਧਿਕਾਰੀਆਂ ਨੇ ਦੱਸਿਆ ਕਿ ਵਰਕਸ਼ਾਪ ਵਿੱਚ ਵੱਖ-ਵੱਖ ਵਿਭਾਗਾਂ ਦੇ ਕਰਮਚਾਰੀਆਂ ਨੇ ਭਾਗ ਲਿਆ ਅਤੇ ਸਿਖਲਾਈ ਪ੍ਰਾਪਤ ਕੀਤੀ। ਇਸ ਸਮਾਗਮ ਦੌਰਾਨ ਮੁੱਖ ਮਹਿਮਾਨ ਨੇ ਸਾਰੇ ਭਾਗੀਦਾਰਾਂ ਨੂੰ ਵਧਾਈ ਦਿੱਤੀ ਅਤੇ ਭਵਿੱਖ ਵਿੱਚ ਵੀ ਅਜਿਹੇ ਉਪਰਾਲੇ ਜਾਰੀ ਰੱਖਣ ਦਾ ਭਰੋਸਾ ਦਿੱਤਾ। ਉਨ੍ਹਾਂ ਕਿਹਾ ਕਿ ਸਰਕਾਰ ਲੋਕਾਂ ਦੀ ਭਲਾਈ ਲਈ ਵਚਨਬੱਧ ਹੈ ਅਤੇ ਹਰ ਸੰਭਵ ਸਹਾਇਤਾ ਦਿੱਤੀ ਜਾਵੇਗੀ।
ਸ਼ਤਰੰਜ ਚੈਂਪੀਅਨ ਗੁਕੇਸ਼...
ਪੈਗਾਮ-ਏ-ਜਗਤ ਇਸ ਮੌਕੇ ਜ਼ਿਲ੍ਹਾ ਪ੍ਰਸ਼ਾਸਨ ਦੇ ਅਧਿਕਾਰੀਆਂ ਨੇ ਦੱਸਿਆ ਕਿ ਵਰਕਸ਼ਾਪ ਵਿੱਚ ਵੱਖ-ਵੱਖ ਵਿਭਾਗਾਂ ਦੇ ਕਰਮਚਾਰੀਆਂ ਨੇ ਭਾਗ ਲਿਆ ਅਤੇ ਸਿਖਲਾਈ ਪ੍ਰਾਪਤ ਕੀਤੀ। ਇਸ ਸਮਾਗਮ ਦੌਰਾਨ ਮੁੱਖ ਮਹਿਮਾਨ ਨੇ ਸਾਰੇ ਭਾਗੀਦਾਰਾਂ ਨੂੰ ਵਧਾਈ ਦਿੱਤੀ ਅਤੇ ਭਵਿੱਖ ਵਿੱਚ ਵੀ ਅਜਿਹੇ ਉਪਰਾਲੇ ਜਾਰੀ ਰੱਖਣ ਦਾ ਭਰੋਸਾ ਦਿੱਤਾ। ਉਨ੍ਹਾਂ ਕਿਹਾ ਕਿ ਸਰਕਾਰ ਲੋਕਾਂ ਦੀ ਭਲਾਈ ਲਈ ਵਚਨਬੱਧ ਹੈ ਅਤੇ ਹਰ ਸੰਭਵ ਸਹਾਇਤਾ ਦਿੱਤੀ ਜਾਵੇਗੀ।
ਪੈਗਾਮ-ਏ-ਜਗਤ ਇਸ ਮੌਕੇ ਜ਼ਿਲ੍ਹਾ ਪ੍ਰਸ਼ਾਸਨ ਦੇ ਅਧਿਕਾਰੀਆਂ ਨੇ ਦੱਸਿਆ ਕਿ ਵਰਕਸ਼ਾਪ ਵਿੱਚ ਵੱਖ-ਵੱਖ ਵਿਭਾਗਾਂ ਦੇ ਕਰਮਚਾਰੀਆਂ ਨੇ ਭਾਗ ਲਿਆ ਅਤੇ ਸਿਖਲਾਈ ਪ੍ਰਾਪਤ ਕੀਤੀ। ਇਸ ਸਮਾਗਮ ਦੌਰਾਨ ਮੁੱਖ ਮਹਿਮਾਨ ਨੇ ਸਾਰੇ ਭਾਗੀਦਾਰਾਂ ਨੂੰ ਵਧਾਈ ਦਿੱਤੀ ਅਤੇ ਭਵਿੱਖ ਵਿੱਚ ਵੀ ਅਜਿਹੇ ਉਪਰਾਲੇ ਜਾਰੀ ਰੱਖਣ ਦਾ ਭਰੋਸਾ ਦਿੱਤਾ। ਉਨ੍ਹਾਂ ਕਿਹਾ ਕਿ ਸਰਕਾਰ ਲੋਕਾਂ ਦੀ ਭਲਾਈ ਲਈ ਵਚਨਬੱਧ ਹੈ ਅਤੇ ਹਰ ਸੰਭਵ ਸਹਾਇਤਾ ਦਿੱਤੀ ਜਾਵੇਗੀ।
ਰਾਸ਼ਟਰੀ ਮੌਸਮ...
ਪੈਗਾਮ-ਏ-ਜਗਤ ਇਸ ਮੌਕੇ ਜ਼ਿਲ੍ਹਾ ਪ੍ਰਸ਼ਾਸਨ ਦੇ ਅਧਿਕਾਰੀਆਂ ਨੇ ਦੱਸਿਆ ਕਿ ਵਰਕਸ਼ਾਪ ਵਿੱਚ ਵੱਖ-ਵੱਖ ਵਿਭਾਗਾਂ ਦੇ ਕਰਮਚਾਰੀਆਂ ਨੇ ਭਾਗ ਲਿਆ ਅਤੇ ਸਿਖਲਾਈ ਪ੍ਰਾਪਤ ਕੀਤੀ। ਇਸ ਸਮਾਗਮ ਦੌਰਾਨ ਮੁੱਖ ਮਹਿਮਾਨ ਨੇ ਸਾਰੇ ਭਾਗੀਦਾਰਾਂ ਨੂੰ ਵਧਾਈ ਦਿੱਤੀ ਅਤੇ ਭਵਿੱਖ ਵਿੱਚ ਵੀ ਅਜਿਹੇ ਉਪਰਾਲੇ ਜਾਰੀ ਰੱਖਣ ਦਾ ਭਰੋਸਾ ਦਿੱਤਾ। ਉਨ੍ਹਾਂ ਕਿਹਾ ਕਿ ਸਰਕਾਰ ਲੋਕਾਂ ਦੀ ਭਲਾਈ ਲਈ ਵਚਨਬੱਧ ਹੈ ਅਤੇ ਹਰ ਸੰਭਵ ਸਹਾਇਤਾ ਦਿੱਤੀ ਜਾਵੇਗੀ।
ਸੰਪਾਦਕ-ਦਵਿੰਦਰ ਕੁਮਾਰ ਨੇ ਪ੍ਰਿੰਟਰ, ਇੰਪ੍ਰੈਸ਼ਨ ਪ੍ਰਿੰਟਿੰਗ ਅਤੇ ਪੈਕਿੰਗ ਲਿਮਿਟਿਡ, ਪਲਾਟ 22 ਅਤੇ 49 ਜੀਐਫ, ਇੰਡਸਟਰੀਅਲ ਏਰੀਆ, ਫੇਜ਼-2 ਪੰਚਕੂਲਾ (ਹਰਿਆਣਾ) ਤੋਂ ਪ੍ਰਕਾਸ਼ਿਤ Title code : CHAMUL00914
Editor-Davinder Kumar printed at Impression Printing & Packaging Ltd.Plot 22 & 49GF, Industrial Area, Phase-2 Panchkula(Haryana)-134115
